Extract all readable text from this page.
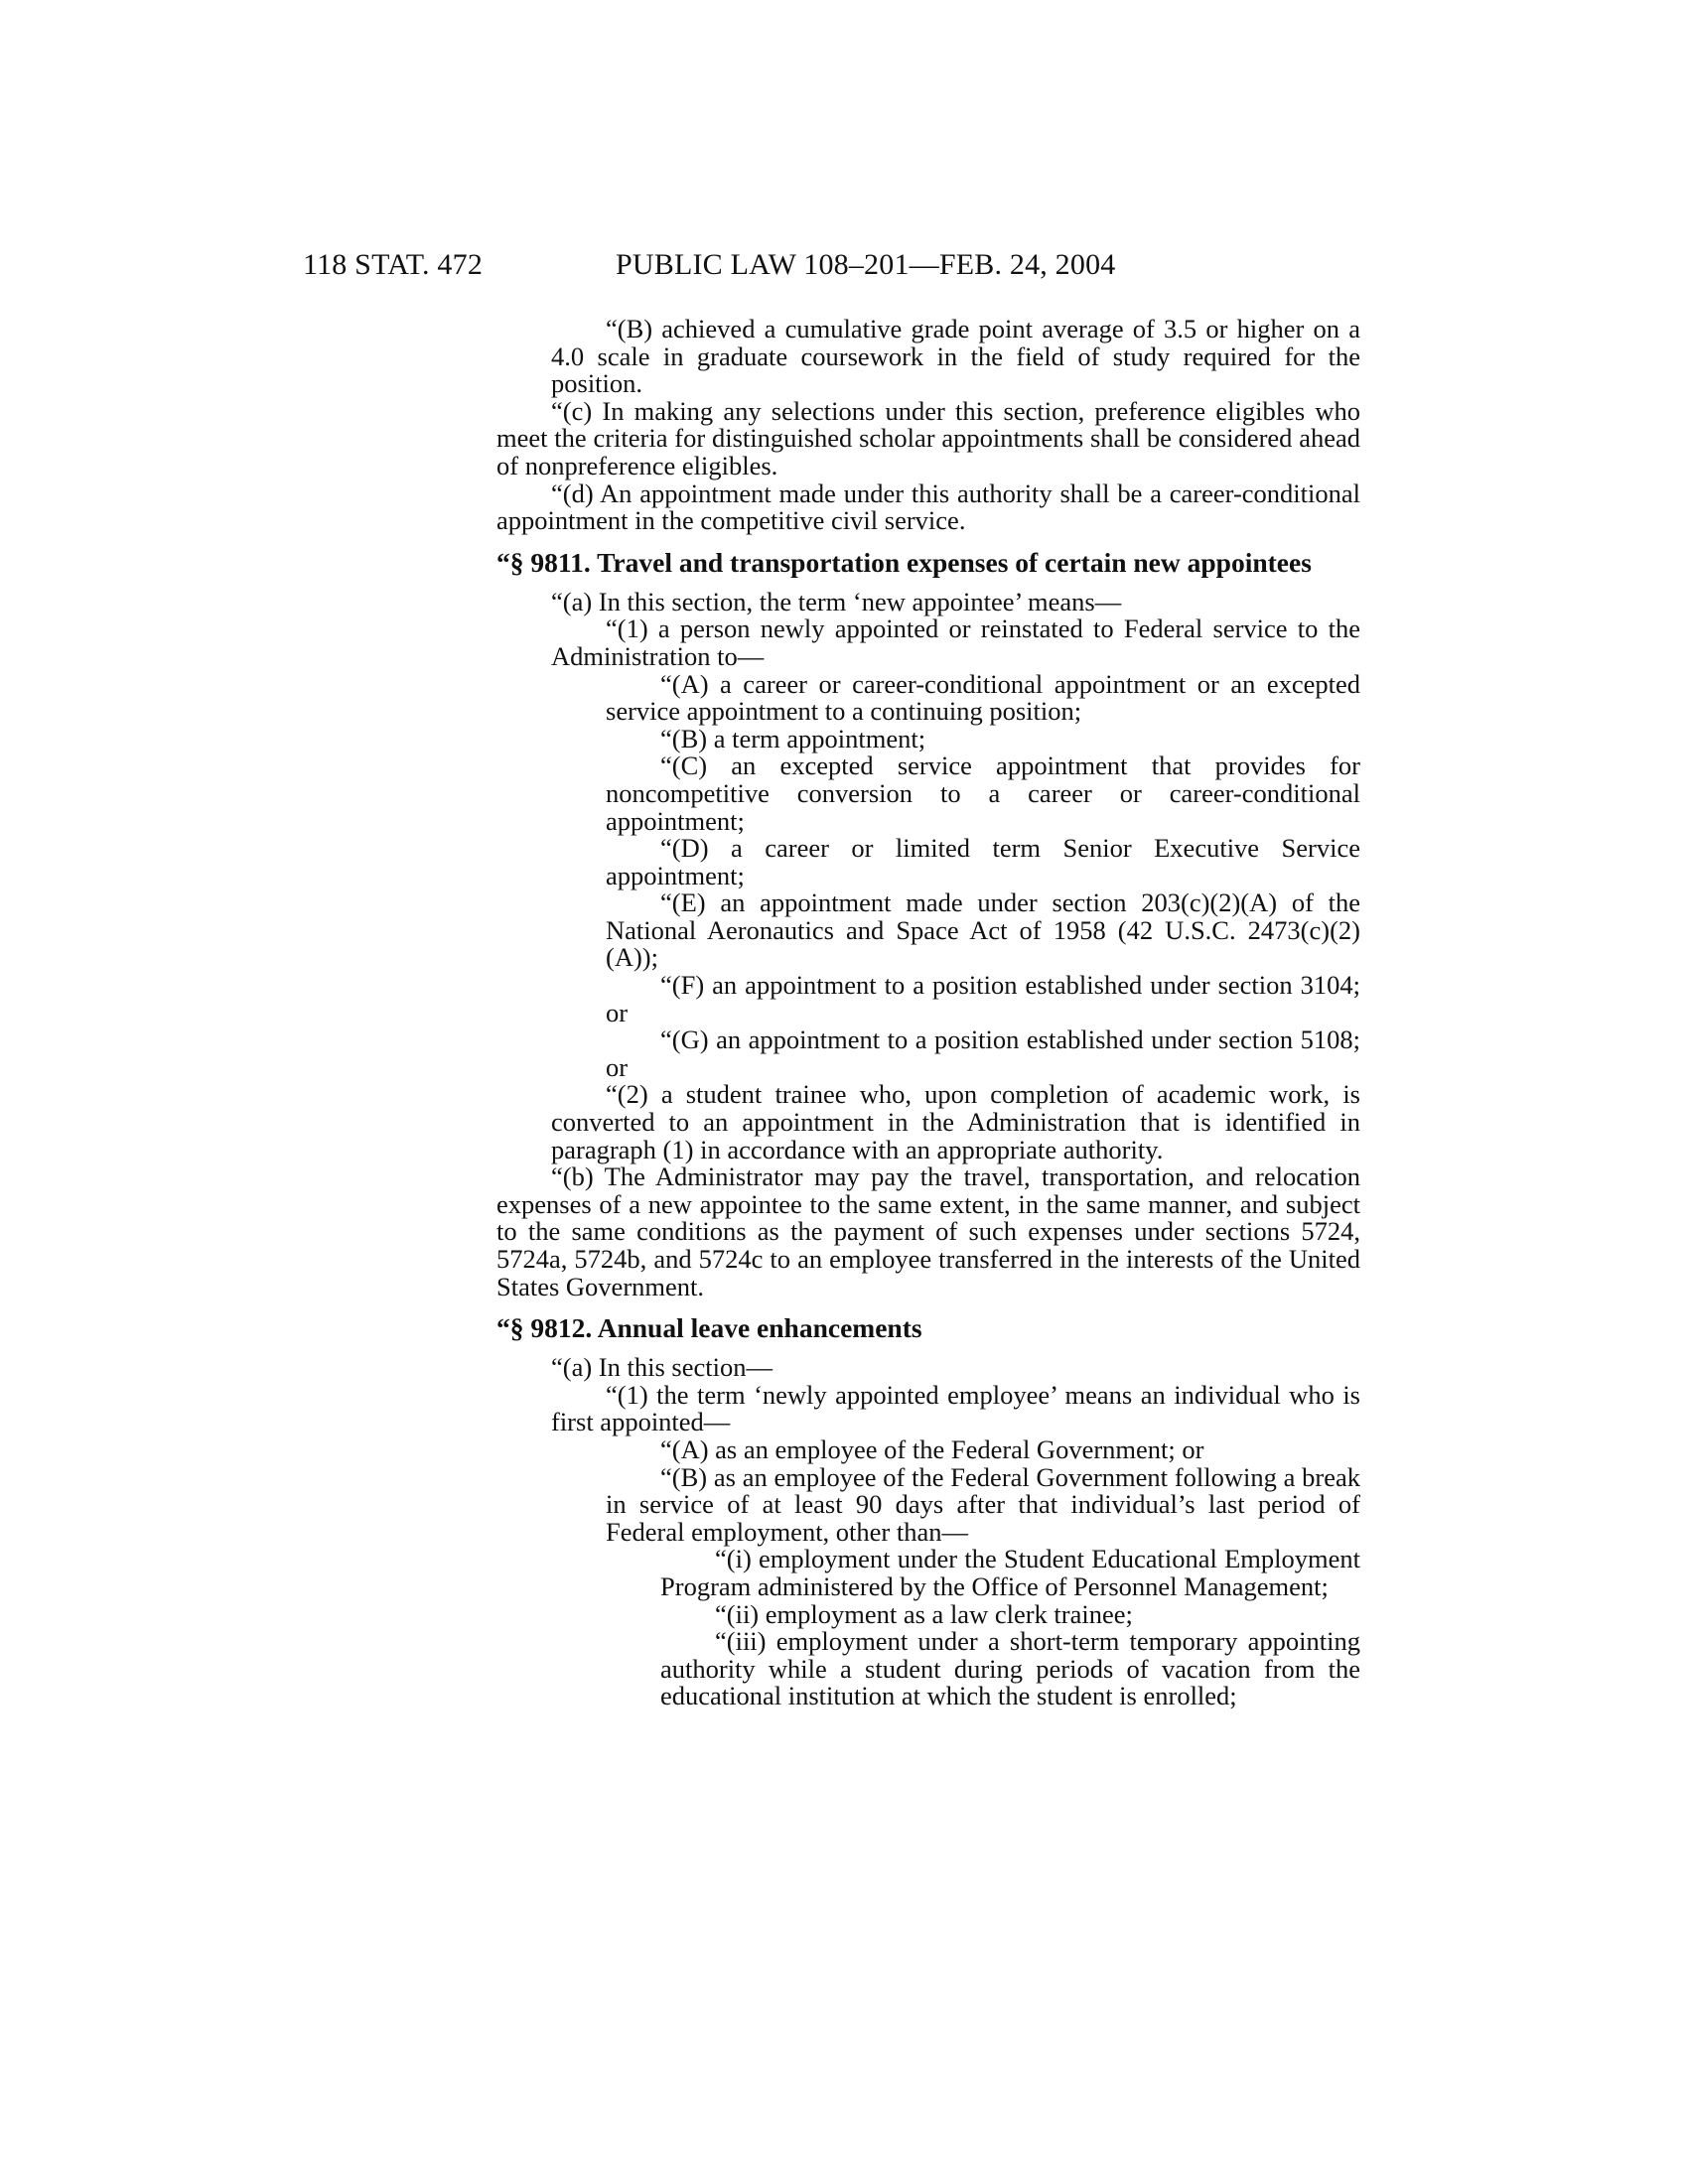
118 STAT. 472	PUBLIC LAW 108–201—FEB. 24, 2004

“(B) achieved a cumulative grade point average of 3.5 or higher on a 4.0 scale in graduate coursework in the field of study required for the position.

“(c) In making any selections under this section, preference eligibles who meet the criteria for distinguished scholar appointments shall be considered ahead of nonpreference eligibles.

“(d) An appointment made under this authority shall be a career-conditional appointment in the competitive civil service.

“§ 9811. Travel and transportation expenses of certain new appointees

“(a) In this section, the term ‘new appointee’ means—

“(1) a person newly appointed or reinstated to Federal service to the Administration to—

“(A) a career or career-conditional appointment or an excepted service appointment to a continuing position;

“(B) a term appointment;

“(C) an excepted service appointment that provides for noncompetitive conversion to a career or career-conditional appointment;

“(D) a career or limited term Senior Executive Service appointment;

“(E) an appointment made under section 203(c)(2)(A) of the National Aeronautics and Space Act of 1958 (42 U.S.C. 2473(c)(2)(A));

“(F) an appointment to a position established under section 3104; or

“(G) an appointment to a position established under section 5108; or

“(2) a student trainee who, upon completion of academic work, is converted to an appointment in the Administration that is identified in paragraph (1) in accordance with an appropriate authority.

“(b) The Administrator may pay the travel, transportation, and relocation expenses of a new appointee to the same extent, in the same manner, and subject to the same conditions as the payment of such expenses under sections 5724, 5724a, 5724b, and 5724c to an employee transferred in the interests of the United States Government.

“§ 9812. Annual leave enhancements

“(a) In this section—

“(1) the term ‘newly appointed employee’ means an individual who is first appointed—

“(A) as an employee of the Federal Government; or

“(B) as an employee of the Federal Government following a break in service of at least 90 days after that individual’s last period of Federal employment, other than—

“(i) employment under the Student Educational Employment Program administered by the Office of Personnel Management;

“(ii) employment as a law clerk trainee;

“(iii) employment under a short-term temporary appointing authority while a student during periods of vacation from the educational institution at which the student is enrolled;
